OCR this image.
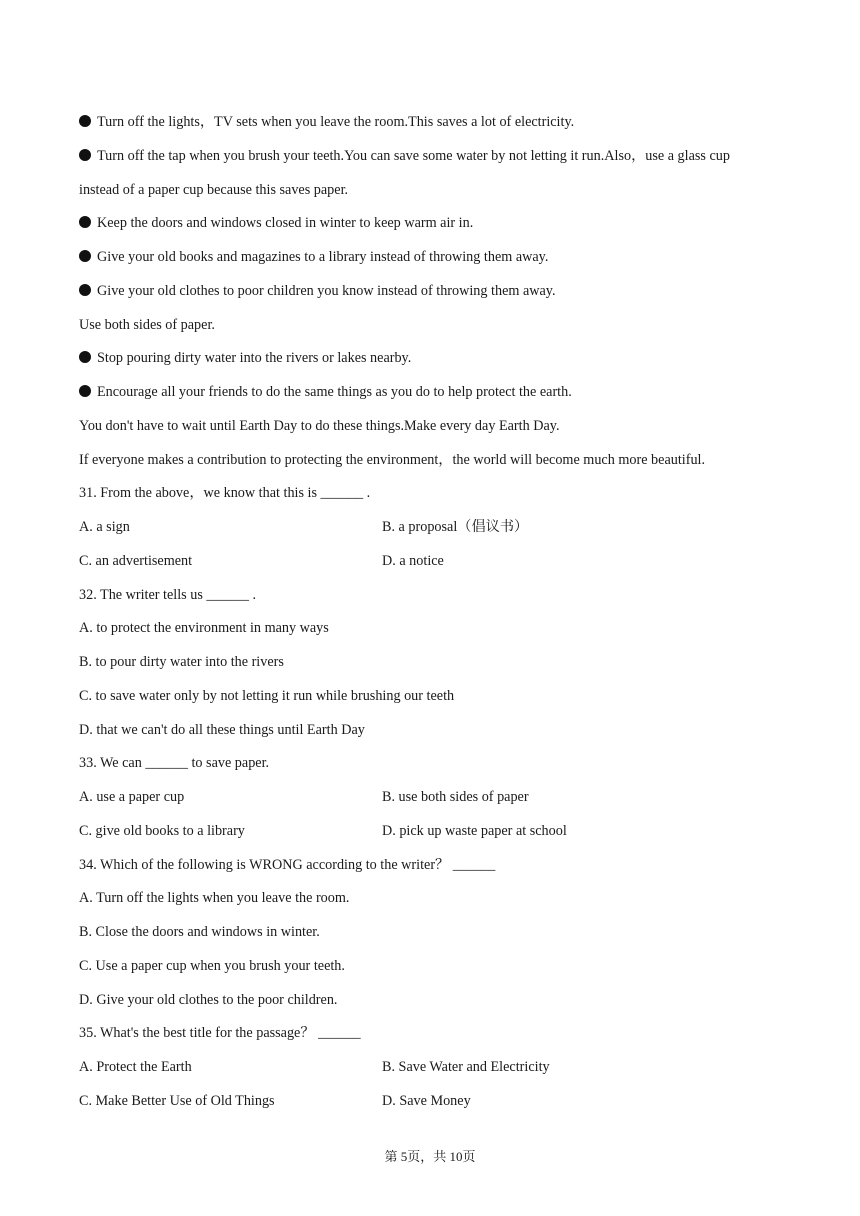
Turn off the lights，TV sets when you leave the room.This saves a lot of electricity.
Turn off the tap when you brush your teeth.You can save some water by not letting it run.Also，use a glass cup
instead of a paper cup because this saves paper.
Keep the doors and windows closed in winter to keep warm air in.
Give your old books and magazines to a library instead of throwing them away.
Give your old clothes to poor children you know instead of throwing them away.
Use both sides of paper.
Stop pouring dirty water into the rivers or lakes nearby.
Encourage all your friends to do the same things as you do to help protect the earth.
You don't have to wait until Earth Day to do these things.Make every day Earth Day.
If everyone makes a contribution to protecting the environment，the world will become much more beautiful.
31. From the above，we know that this is ______ .
A. a sign	B. a proposal（倡议书）
C. an advertisement	D. a notice
32. The writer tells us ______ .
A. to protect the environment in many ways
B. to pour dirty water into the rivers
C. to save water only by not letting it run while brushing our teeth
D. that we can't do all these things until Earth Day
33. We can ______ to save paper.
A. use a paper cup	B. use both sides of paper
C. give old books to a library	D. pick up waste paper at school
34. Which of the following is WRONG according to the writer？ ______
A. Turn off the lights when you leave the room.
B. Close the doors and windows in winter.
C. Use a paper cup when you brush your teeth.
D. Give your old clothes to the poor children.
35. What's the best title for the passage？ ______
A. Protect the Earth	B. Save Water and Electricity
C. Make Better Use of Old Things	D. Save Money
第 5页，共 10页
